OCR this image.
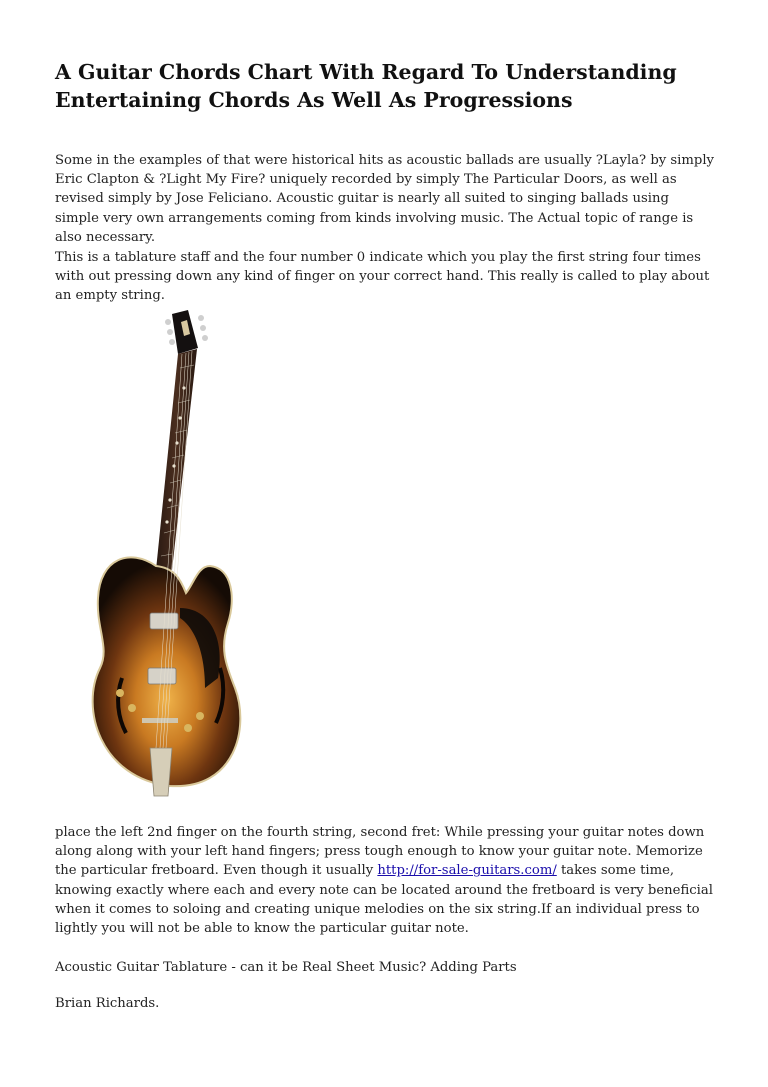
A Guitar Chords Chart With Regard To Understanding
Entertaining Chords As Well As Progressions

Some in the examples of that were historical hits as acoustic ballads are usually ?Layla? by simply Eric Clapton & ?Light My Fire? uniquely recorded by simply The Particular Doors, as well as revised simply by Jose Feliciano. Acoustic guitar is nearly all suited to singing ballads using simple very own arrangements coming from kinds involving music. The Actual topic of range is also necessary.

This is a tablature staff and the four number 0 indicate which you play the first string four times with out pressing down any kind of finger on your correct hand. This really is called to play about an empty string.

place the left 2nd finger on the fourth string, second fret: While pressing your guitar notes down along along with your left hand fingers; press tough enough to know your guitar note. Memorize the particular fretboard. Even though it usually http://for-sale-guitars.com/ takes some time, knowing exactly where each and every note can be located around the fretboard is very beneficial when it comes to soloing and creating unique melodies on the six string.If an individual press to lightly you will not be able to know the particular guitar note.

Acoustic Guitar Tablature - can it be Real Sheet Music? Adding Parts

Brian Richards.
